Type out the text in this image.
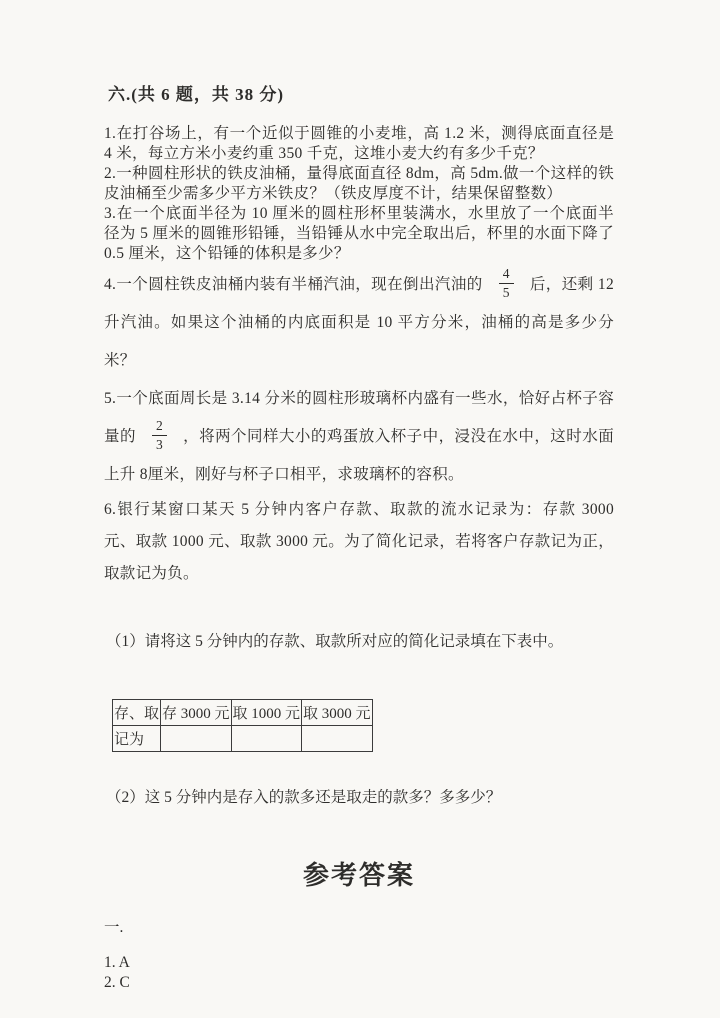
六.(共 6 题，共 38 分)

1.在打谷场上，有一个近似于圆锥的小麦堆，高 1.2 米，测得底面直径是 4 米，每立方米小麦约重 350 千克，这堆小麦大约有多少千克？

2.一种圆柱形状的铁皮油桶，量得底面直径 8dm，高 5dm.做一个这样的铁皮油桶至少需多少平方米铁皮？（铁皮厚度不计，结果保留整数）

3.在一个底面半径为 10 厘米的圆柱形杯里装满水，水里放了一个底面半径为 5 厘米的圆锥形铅锤，当铅锤从水中完全取出后，杯里的水面下降了 0.5 厘米，这个铅锤的体积是多少？

4.一个圆柱铁皮油桶内装有半桶汽油，现在倒出汽油的 $\frac{4}{5}$ 后，还剩 12 升汽油。如果这个油桶的内底面积是 10 平方分米，油桶的高是多少分米？

5.一个底面周长是 3.14 分米的圆柱形玻璃杯内盛有一些水，恰好占杯子容量的 $\frac{2}{3}$ ，将两个同样大小的鸡蛋放入杯子中，浸没在水中，这时水面上升 8厘米，刚好与杯子口相平，求玻璃杯的容积。

6.银行某窗口某天 5 分钟内客户存款、取款的流水记录为：存款 3000 元、取款 1000 元、取款 3000 元。为了简化记录，若将客户存款记为正，取款记为负。

（1）请将这 5 分钟内的存款、取款所对应的简化记录填在下表中。

存、取	存 3000 元	取 1000 元	取 3000 元
记为			

（2）这 5 分钟内是存入的款多还是取走的款多？多多少？

参考答案

一.

1. A

2. C
